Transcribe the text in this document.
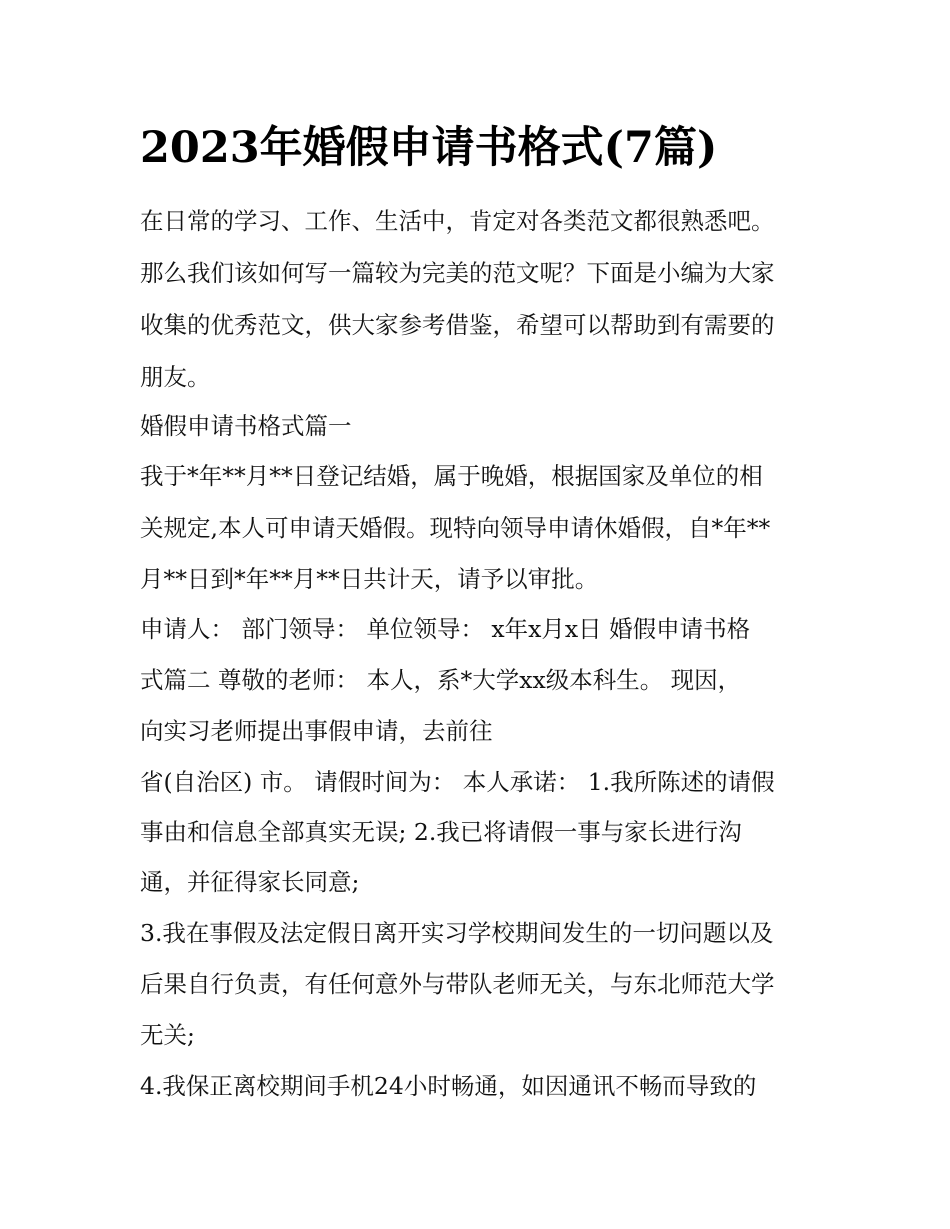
2023年婚假申请书格式(7篇)

在日常的学习、工作、生活中，肯定对各类范文都很熟悉吧。

那么我们该如何写一篇较为完美的范文呢？下面是小编为大家

收集的优秀范文，供大家参考借鉴，希望可以帮助到有需要的

朋友。

婚假申请书格式篇一

我于*年**月**日登记结婚，属于晚婚，根据国家及单位的相

关规定,本人可申请天婚假。现特向领导申请休婚假，自*年**

月**日到*年**月**日共计天，请予以审批。

申请人： 部门领导： 单位领导： x年x月x日 婚假申请书格

式篇二 尊敬的老师： 本人，系*大学xx级本科生。 现因，

向实习老师提出事假申请，去前往

省(自治区) 市。 请假时间为： 本人承诺： 1.我所陈述的请假

事由和信息全部真实无误; 2.我已将请假一事与家长进行沟

通，并征得家长同意;

3.我在事假及法定假日离开实习学校期间发生的一切问题以及

后果自行负责，有任何意外与带队老师无关，与东北师范大学

无关;

4.我保正离校期间手机24小时畅通，如因通讯不畅而导致的
